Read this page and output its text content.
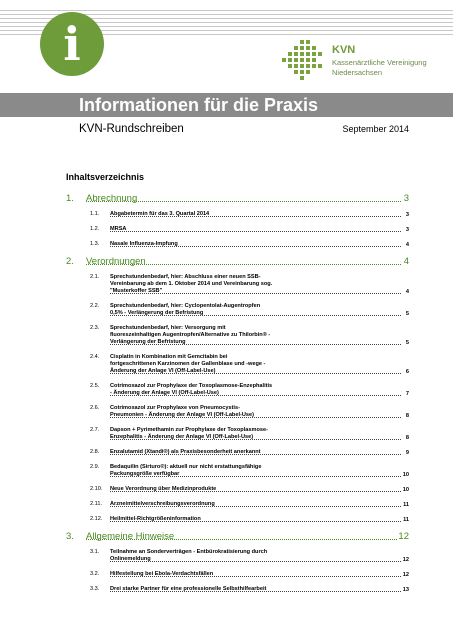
i	KVN
Kassenärztliche Vereinigung
Niedersachsen
Informationen für die Praxis
KVN-Rundschreiben	September 2014
Inhaltsverzeichnis
1.	Abrechnung	3
1.1.	Abgabetermin für das 3. Quartal 2014	3
1.2.	MRSA	3
1.3.	Nasale Influenza-Impfung	4
2.	Verordnungen	4
2.1.	Sprechstundenbedarf, hier: Abschluss einer neuen SSB-
Vereinbarung ab dem 1. Oktober 2014 und Vereinbarung sog.
"Musterkoffer SSB"	4
2.2.	Sprechstundenbedarf, hier: Cyclopentolat-Augentropfen
0,5% - Verlängerung der Befristung	5
2.3.	Sprechstundenbedarf, hier: Versorgung mit
fluoreszeinhaltigen Augentropfen/Alternative zu Thilorbin® -
Verlängerung der Befristung	5
2.4.	Cisplatin in Kombination mit Gemcitabin bei
fortgeschrittenen Karzinomen der Gallenblase und -wege -
Änderung der Anlage VI (Off-Label-Use)	6
2.5.	Cotrimoxazol zur Prophylaxe der Toxoplasmose-Enzephalitis
- Änderung der Anlage VI (Off-Label-Use)	7
2.6.	Cotrimoxazol zur Prophylaxe von Pneumocystis-
Pneumonien - Änderung der Anlage VI (Off-Label-Use)	8
2.7.	Dapson + Pyrimethamin zur Prophylaxe der Toxoplasmose-
Enzephalitis - Änderung der Anlage VI (Off-Label-Use)	8
2.8.	Enzalutamid (Xtandi®) als Praxisbesonderheit anerkannt	9
2.9.	Bedaquilin (Sirturo®): aktuell nur nicht erstattungsfähige
Packungsgröße verfügbar	10
2.10.	Neue Verordnung über Medizinprodukte	10
2.11.	Arzneimittelverschreibungsverordnung	11
2.12.	Heilmittel-Richtgrößeninformation	11
3.	Allgemeine Hinweise	12
3.1.	Teilnahme an Sonderverträgen - Entbürokratisierung durch
Onlinemeldung	12
3.2.	Hilfestellung bei Ebola-Verdachtsfällen	12
3.3.	Drei starke Partner für eine professionelle Selbsthilfearbeit	13
